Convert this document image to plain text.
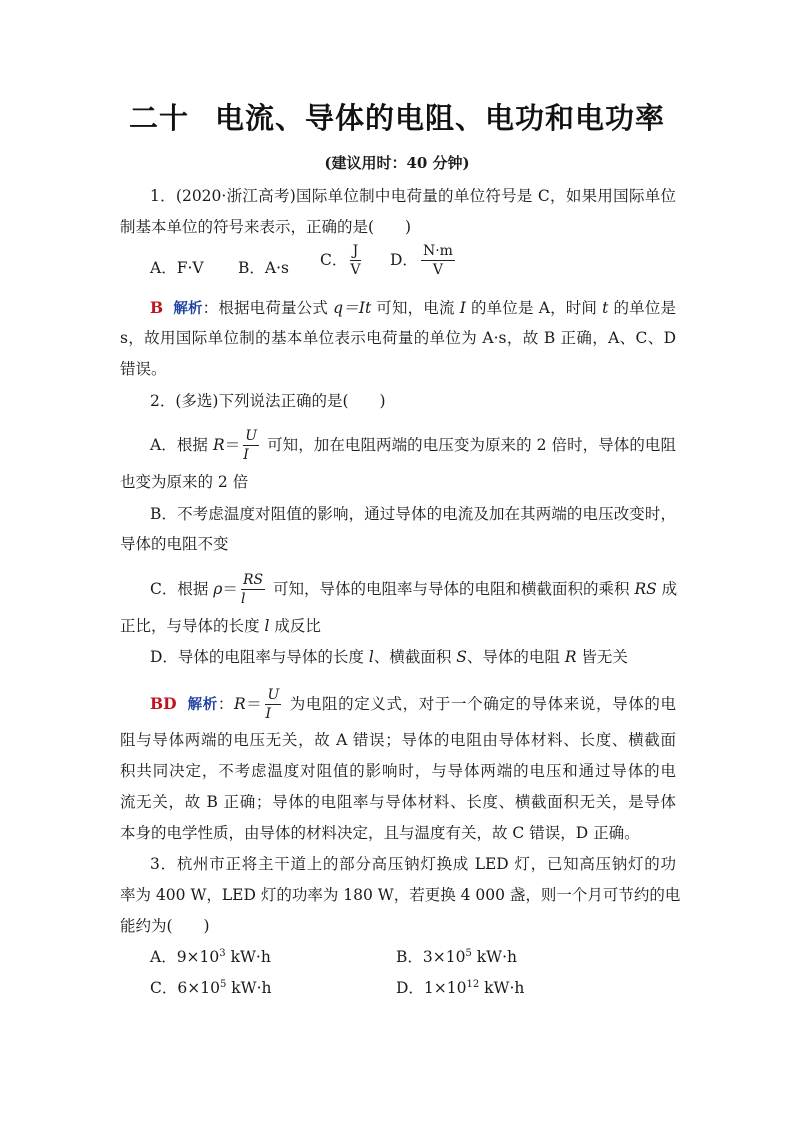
二十 电流、导体的电阻、电功和电功率
(建议用时：40 分钟)
1．(2020·浙江高考)国际单位制中电荷量的单位符号是 C，如果用国际单位
制基本单位的符号来表示，正确的是(　　)
A．F·V B．A·s C． $\frac{J}{V}$ D． $\frac{N\cdot m}{V}$
B 解析：根据电荷量公式 q＝It 可知，电流 I 的单位是 A，时间 t 的单位是
s，故用国际单位制的基本单位表示电荷量的单位为 A·s，故 B 正确，A、C、D
错误。
2．(多选)下列说法正确的是(　　)
A．根据 $R= \frac{U}{I}$ 可知，加在电阻两端的电压变为原来的 2 倍时，导体的电阻
也变为原来的 2 倍
B．不考虑温度对阻值的影响，通过导体的电流及加在其两端的电压改变时，
导体的电阻不变
C．根据 $\rho= \frac{RS}{l}$ 可知，导体的电阻率与导体的电阻和横截面积的乘积 RS 成
正比，与导体的长度 l 成反比
D．导体的电阻率与导体的长度 l、横截面积 S、导体的电阻 R 皆无关
BD 解析：$R= \frac{U}{I}$ 为电阻的定义式，对于一个确定的导体来说，导体的电
阻与导体两端的电压无关，故 A 错误；导体的电阻由导体材料、长度、横截面
积共同决定，不考虑温度对阻值的影响时，与导体两端的电压和通过导体的电
流无关，故 B 正确；导体的电阻率与导体材料、长度、横截面积无关，是导体
本身的电学性质，由导体的材料决定，且与温度有关，故 C 错误，D 正确。
3．杭州市正将主干道上的部分高压钠灯换成 LED 灯，已知高压钠灯的功
率为 400 W，LED 灯的功率为 180 W，若更换 4 000 盏，则一个月可节约的电
能约为(　　)
A．$9\times 10^3$ kW·h	B．$3\times 10^5$ kW·h
C．$6\times 10^5$ kW·h	D．$1\times 10^{12}$ kW·h
